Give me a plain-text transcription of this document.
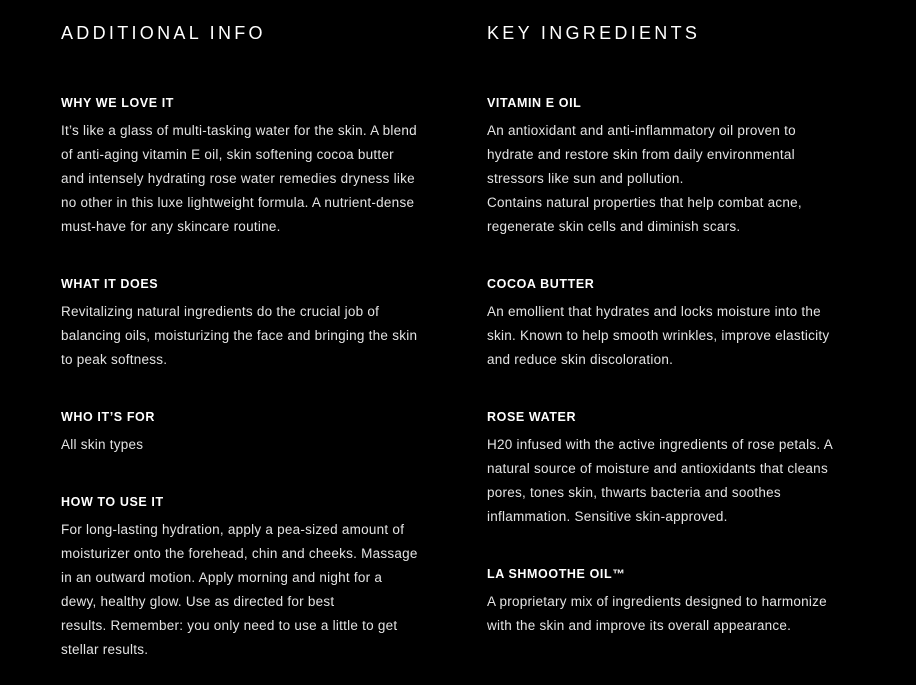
ADDITIONAL INFO
WHY WE LOVE IT

It’s like a glass of multi-tasking water for the skin. A blend
of anti-aging vitamin E oil, skin softening cocoa butter
and intensely hydrating rose water remedies dryness like
no other in this luxe lightweight formula. A nutrient-dense
must-have for any skincare routine.

WHAT IT DOES

Revitalizing natural ingredients do the crucial job of
balancing oils, moisturizing the face and bringing the skin
to peak softness.

WHO IT’S FOR

All skin types

HOW TO USE IT

For long-lasting hydration, apply a pea-sized amount of
moisturizer onto the forehead, chin and cheeks. Massage
in an outward motion. Apply morning and night for a
dewy, healthy glow. Use as directed for best
results. Remember: you only need to use a little to get
stellar results.

KEY INGREDIENTS
VITAMIN E OIL

An antioxidant and anti-inflammatory oil proven to
hydrate and restore skin from daily environmental
stressors like sun and pollution.
Contains natural properties that help combat acne,
regenerate skin cells and diminish scars.

COCOA BUTTER

An emollient that hydrates and locks moisture into the
skin. Known to help smooth wrinkles, improve elasticity
and reduce skin discoloration.

ROSE WATER

H20 infused with the active ingredients of rose petals. A
natural source of moisture and antioxidants that cleans
pores, tones skin, thwarts bacteria and soothes
inflammation. Sensitive skin-approved.

LA SHMOOTHE OIL™

A proprietary mix of ingredients designed to harmonize
with the skin and improve its overall appearance.
